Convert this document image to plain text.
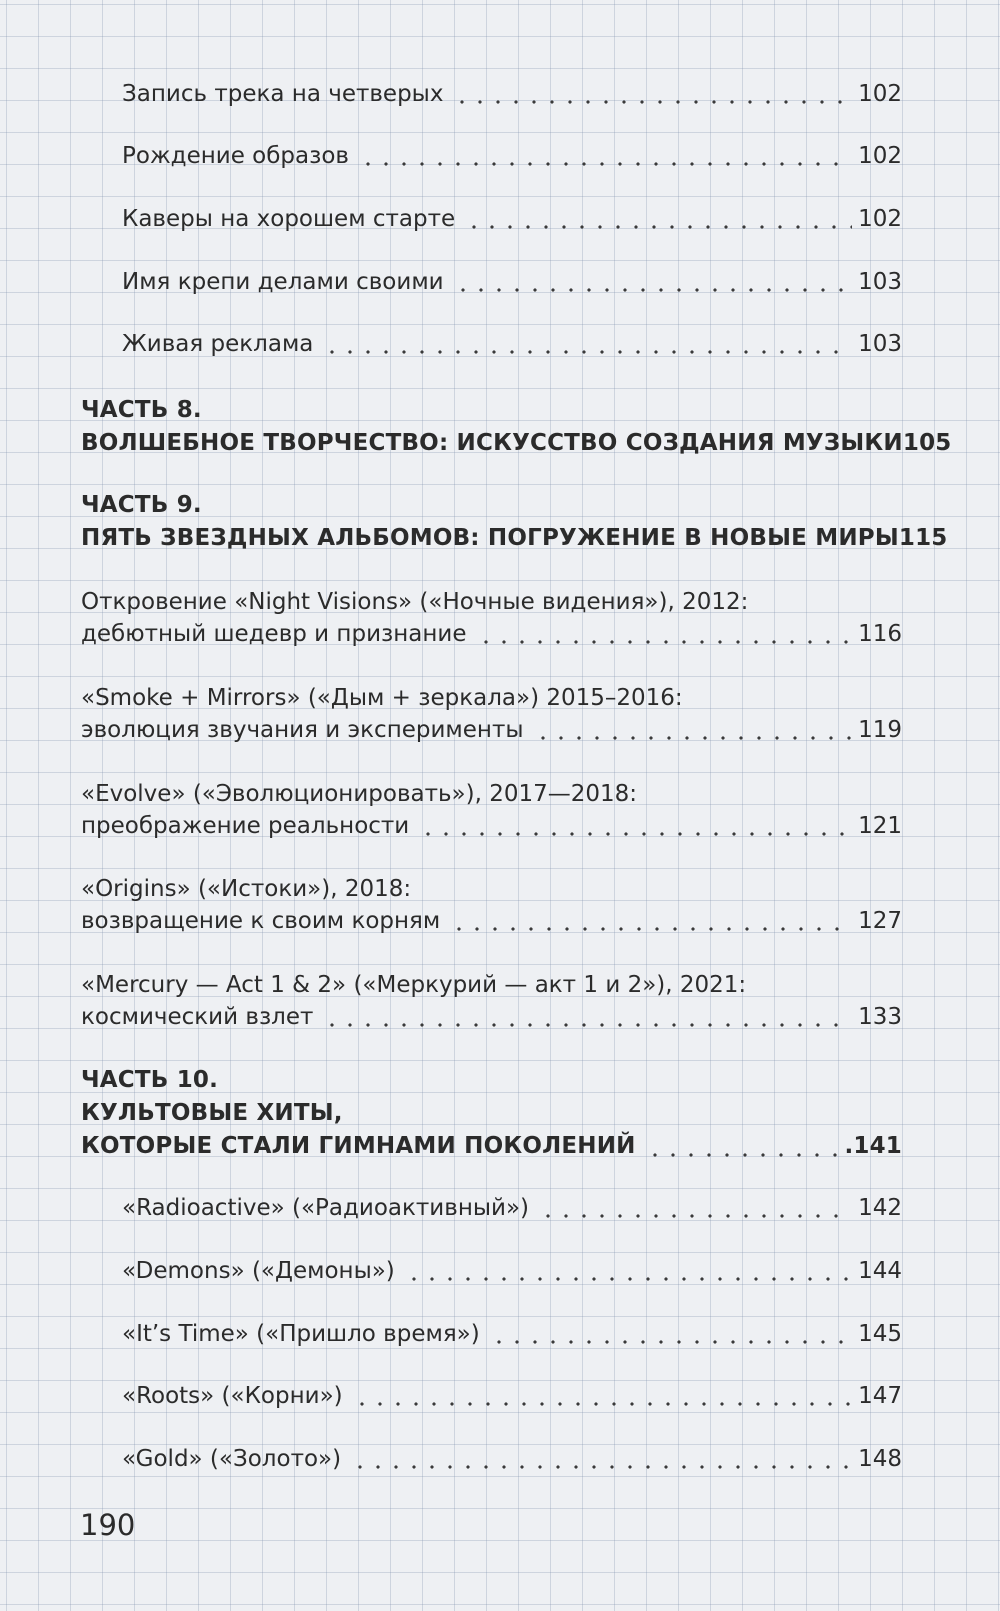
Запись трека на четверых	102
Рождение образов	102
Каверы на хорошем старте	102
Имя крепи делами своими	103
Живая реклама	103
ЧАСТЬ 8.
ВОЛШЕБНОЕ ТВОРЧЕСТВО: ИСКУССТВО СОЗДАНИЯ МУЗЫКИ 105
ЧАСТЬ 9.
ПЯТЬ ЗВЕЗДНЫХ АЛЬБОМОВ: ПОГРУЖЕНИЕ В НОВЫЕ МИРЫ 115
Откровение «Night Visions» («Ночные видения»), 2012:
дебютный шедевр и признание	116
«Smoke + Mirrors» («Дым + зеркала») 2015–2016:
эволюция звучания и эксперименты	119
«Evolve» («Эволюционировать»), 2017—2018:
преображение реальности	121
«Origins» («Истоки»), 2018:
возвращение к своим корням	127
«Mercury — Act 1 & 2» («Меркурий — акт 1 и 2»), 2021:
космический взлет	133
ЧАСТЬ 10.
КУЛЬТОВЫЕ ХИТЫ,
КОТОРЫЕ СТАЛИ ГИМНАМИ ПОКОЛЕНИЙ	.141
«Radioactive» («Радиоактивный»)	142
«Demons» («Демоны»)	144
«It’s Time» («Пришло время»)	145
«Roots» («Корни»)	147
«Gold» («Золото»)	148
190
